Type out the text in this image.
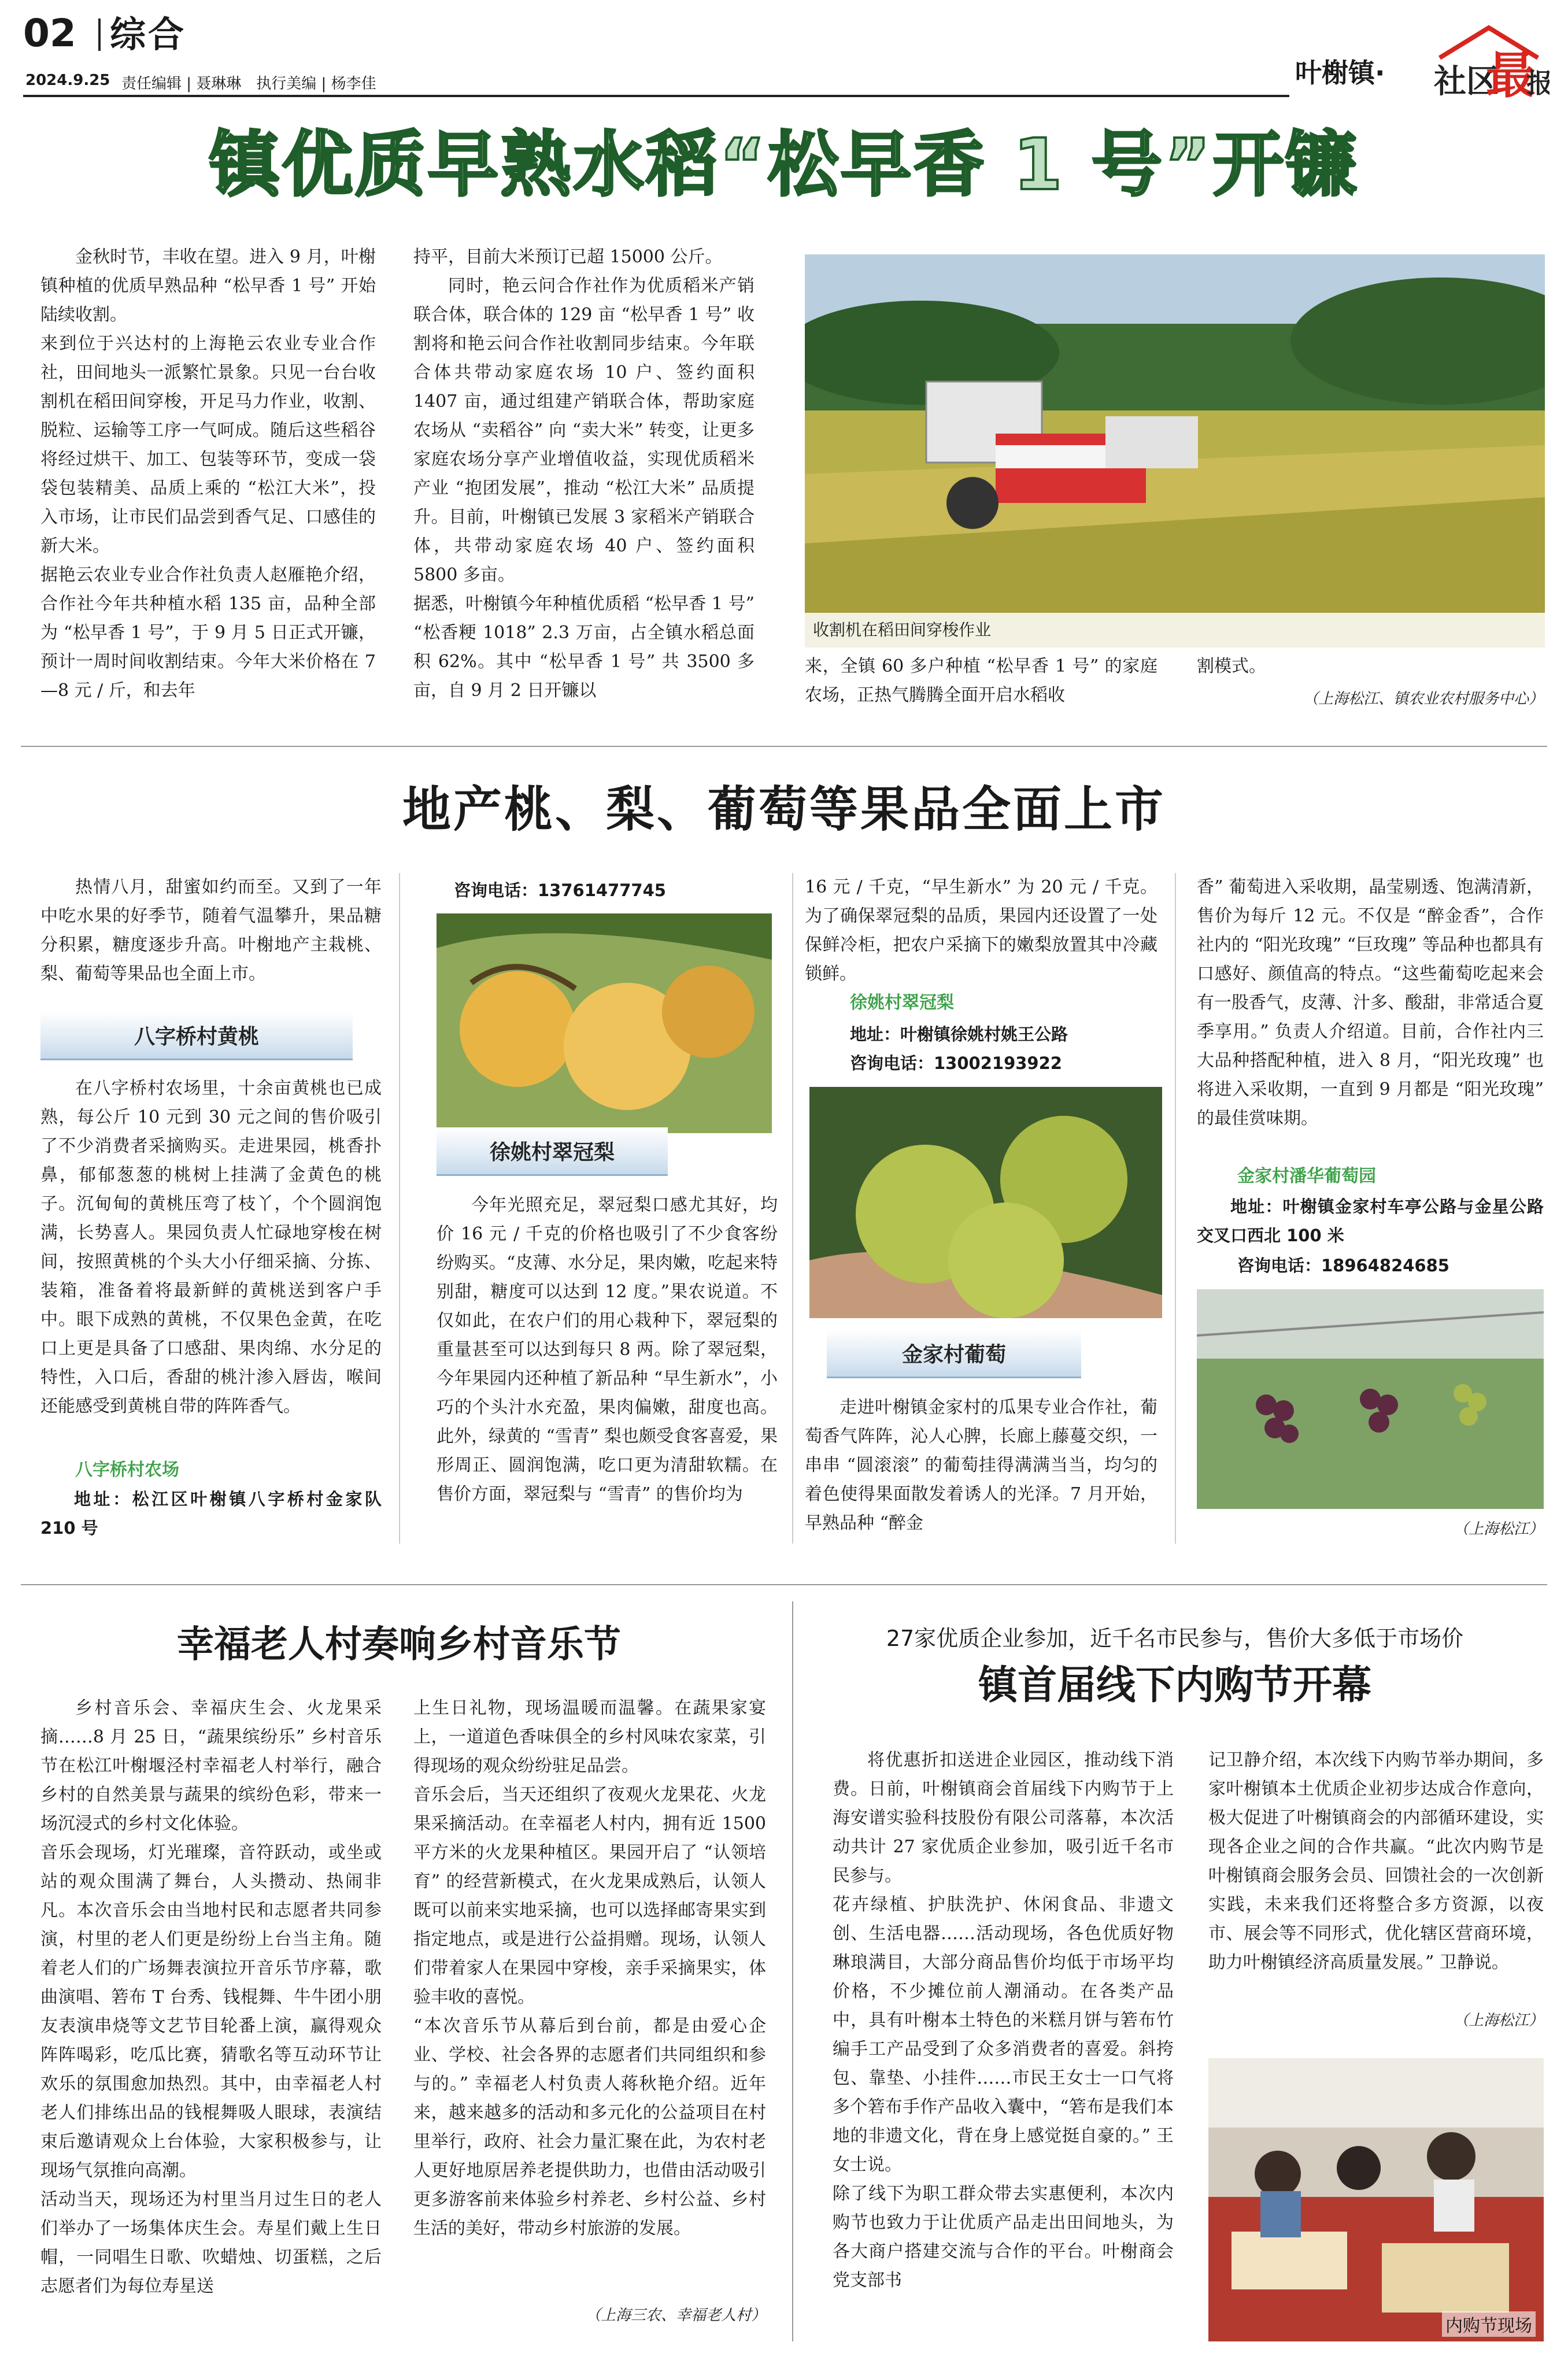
02 综合
2024.9.25 责任编辑 | 聂琳琳　执行美编 | 杨李佳	叶榭镇· 社区
最
报
镇优质早熟水稻“松早香 1 号”开镰
金秋时节，丰收在望。进入 9 月，叶榭镇种植的优质早熟品种 “松早香 1 号” 开始陆续收割。
来到位于兴达村的上海艳云农业专业合作社，田间地头一派繁忙景象。只见一台台收割机在稻田间穿梭，开足马力作业，收割、脱粒、运输等工序一气呵成。随后这些稻谷将经过烘干、加工、包装等环节，变成一袋袋包装精美、品质上乘的 “松江大米”，投入市场，让市民们品尝到香气足、口感佳的新大米。
据艳云农业专业合作社负责人赵雁艳介绍，合作社今年共种植水稻 135 亩，品种全部为 “松早香 1 号”，于 9 月 5 日正式开镰，预计一周时间收割结束。今年大米价格在 7—8 元 / 斤，和去年
持平，目前大米预订已超 15000 公斤。
同时，艳云问合作社作为优质稻米产销联合体，联合体的 129 亩 “松早香 1 号” 收割将和艳云问合作社收割同步结束。今年联合体共带动家庭农场 10 户、签约面积 1407 亩，通过组建产销联合体，帮助家庭农场从 “卖稻谷” 向 “卖大米” 转变，让更多家庭农场分享产业增值收益，实现优质稻米产业 “抱团发展”，推动 “松江大米” 品质提升。目前，叶榭镇已发展 3 家稻米产销联合体，共带动家庭农场 40 户、签约面积 5800 多亩。
据悉，叶榭镇今年种植优质稻 “松早香 1 号” “松香粳 1018” 2.3 万亩，占全镇水稻总面积 62%。其中 “松早香 1 号” 共 3500 多亩，自 9 月 2 日开镰以
收割机在稻田间穿梭作业
来，全镇 60 多户种植 “松早香 1 号” 的家庭农场，正热气腾腾全面开启水稻收
割模式。
（上海松江、镇农业农村服务中心）
地产桃、梨、葡萄等果品全面上市
热情八月，甜蜜如约而至。又到了一年中吃水果的好季节，随着气温攀升，果品糖分积累，糖度逐步升高。叶榭地产主栽桃、梨、葡萄等果品也全面上市。
八字桥村黄桃
在八字桥村农场里，十余亩黄桃也已成熟，每公斤 10 元到 30 元之间的售价吸引了不少消费者采摘购买。走进果园，桃香扑鼻，郁郁葱葱的桃树上挂满了金黄色的桃子。沉甸甸的黄桃压弯了枝丫，个个圆润饱满，长势喜人。果园负责人忙碌地穿梭在树间，按照黄桃的个头大小仔细采摘、分拣、装箱，准备着将最新鲜的黄桃送到客户手中。眼下成熟的黄桃，不仅果色金黄，在吃口上更是具备了口感甜、果肉绵、水分足的特性，入口后，香甜的桃汁渗入唇齿，喉间还能感受到黄桃自带的阵阵香气。
八字桥村农场
地址：松江区叶榭镇八字桥村金家队 210 号
咨询电话：13761477745
徐姚村翠冠梨
今年光照充足，翠冠梨口感尤其好，均价 16 元 / 千克的价格也吸引了不少食客纷纷购买。“皮薄、水分足，果肉嫩，吃起来特别甜，糖度可以达到 12 度。”果农说道。不仅如此，在农户们的用心栽种下，翠冠梨的重量甚至可以达到每只 8 两。除了翠冠梨，今年果园内还种植了新品种 “早生新水”，小巧的个头汁水充盈，果肉偏嫩，甜度也高。此外，绿黄的 “雪青” 梨也颇受食客喜爱，果形周正、圆润饱满，吃口更为清甜软糯。在售价方面，翠冠梨与 “雪青” 的售价均为
16 元 / 千克，“早生新水” 为 20 元 / 千克。为了确保翠冠梨的品质，果园内还设置了一处保鲜冷柜，把农户采摘下的嫩梨放置其中冷藏锁鲜。
徐姚村翠冠梨
地址：叶榭镇徐姚村姚王公路
咨询电话：13002193922
金家村葡萄
走进叶榭镇金家村的瓜果专业合作社，葡萄香气阵阵，沁人心脾，长廊上藤蔓交织，一串串 “圆滚滚” 的葡萄挂得满满当当，均匀的着色使得果面散发着诱人的光泽。7 月开始，早熟品种 “醉金
香” 葡萄进入采收期，晶莹剔透、饱满清新，售价为每斤 12 元。不仅是 “醉金香”，合作社内的 “阳光玫瑰” “巨玫瑰” 等品种也都具有口感好、颜值高的特点。“这些葡萄吃起来会有一股香气，皮薄、汁多、酸甜，非常适合夏季享用。” 负责人介绍道。目前，合作社内三大品种搭配种植，进入 8 月，“阳光玫瑰” 也将进入采收期，一直到 9 月都是 “阳光玫瑰” 的最佳赏味期。
金家村潘华葡萄园
地址：叶榭镇金家村车亭公路与金星公路交叉口西北 100 米
咨询电话：18964824685
（上海松江）
幸福老人村奏响乡村音乐节
乡村音乐会、幸福庆生会、火龙果采摘……8 月 25 日，“蔬果缤纷乐” 乡村音乐节在松江叶榭堰泾村幸福老人村举行，融合乡村的自然美景与蔬果的缤纷色彩，带来一场沉浸式的乡村文化体验。
音乐会现场，灯光璀璨，音符跃动，或坐或站的观众围满了舞台，人头攒动、热闹非凡。本次音乐会由当地村民和志愿者共同参演，村里的老人们更是纷纷上台当主角。随着老人们的广场舞表演拉开音乐节序幕，歌曲演唱、箬布 T 台秀、钱棍舞、牛牛团小朋友表演串烧等文艺节目轮番上演，赢得观众阵阵喝彩，吃瓜比赛，猜歌名等互动环节让欢乐的氛围愈加热烈。其中，由幸福老人村老人们排练出品的钱棍舞吸人眼球，表演结束后邀请观众上台体验，大家积极参与，让现场气氛推向高潮。
活动当天，现场还为村里当月过生日的老人们举办了一场集体庆生会。寿星们戴上生日帽，一同唱生日歌、吹蜡烛、切蛋糕，之后志愿者们为每位寿星送
上生日礼物，现场温暖而温馨。在蔬果家宴上，一道道色香味俱全的乡村风味农家菜，引得现场的观众纷纷驻足品尝。
音乐会后，当天还组织了夜观火龙果花、火龙果采摘活动。在幸福老人村内，拥有近 1500 平方米的火龙果种植区。果园开启了 “认领培育” 的经营新模式，在火龙果成熟后，认领人既可以前来实地采摘，也可以选择邮寄果实到指定地点，或是进行公益捐赠。现场，认领人们带着家人在果园中穿梭，亲手采摘果实，体验丰收的喜悦。
“本次音乐节从幕后到台前，都是由爱心企业、学校、社会各界的志愿者们共同组织和参与的。” 幸福老人村负责人蒋秋艳介绍。近年来，越来越多的活动和多元化的公益项目在村里举行，政府、社会力量汇聚在此，为农村老人更好地原居养老提供助力，也借由活动吸引更多游客前来体验乡村养老、乡村公益、乡村生活的美好，带动乡村旅游的发展。
（上海三农、幸福老人村）
27家优质企业参加，近千名市民参与，售价大多低于市场价
镇首届线下内购节开幕
将优惠折扣送进企业园区，推动线下消费。日前，叶榭镇商会首届线下内购节于上海安谱实验科技股份有限公司落幕，本次活动共计 27 家优质企业参加，吸引近千名市民参与。
花卉绿植、护肤洗护、休闲食品、非遗文创、生活电器……活动现场，各色优质好物琳琅满目，大部分商品售价均低于市场平均价格，不少摊位前人潮涌动。在各类产品中，具有叶榭本土特色的米糕月饼与箬布竹编手工产品受到了众多消费者的喜爱。斜挎包、靠垫、小挂件……市民王女士一口气将多个箬布手作产品收入囊中，“箬布是我们本地的非遗文化，背在身上感觉挺自豪的。” 王女士说。
除了线下为职工群众带去实惠便利，本次内购节也致力于让优质产品走出田间地头，为各大商户搭建交流与合作的平台。叶榭商会党支部书
记卫静介绍，本次线下内购节举办期间，多家叶榭镇本土优质企业初步达成合作意向，极大促进了叶榭镇商会的内部循环建设，实现各企业之间的合作共赢。“此次内购节是叶榭镇商会服务会员、回馈社会的一次创新实践，未来我们还将整合多方资源，以夜市、展会等不同形式，优化辖区营商环境，助力叶榭镇经济高质量发展。” 卫静说。
（上海松江）
内购节现场
